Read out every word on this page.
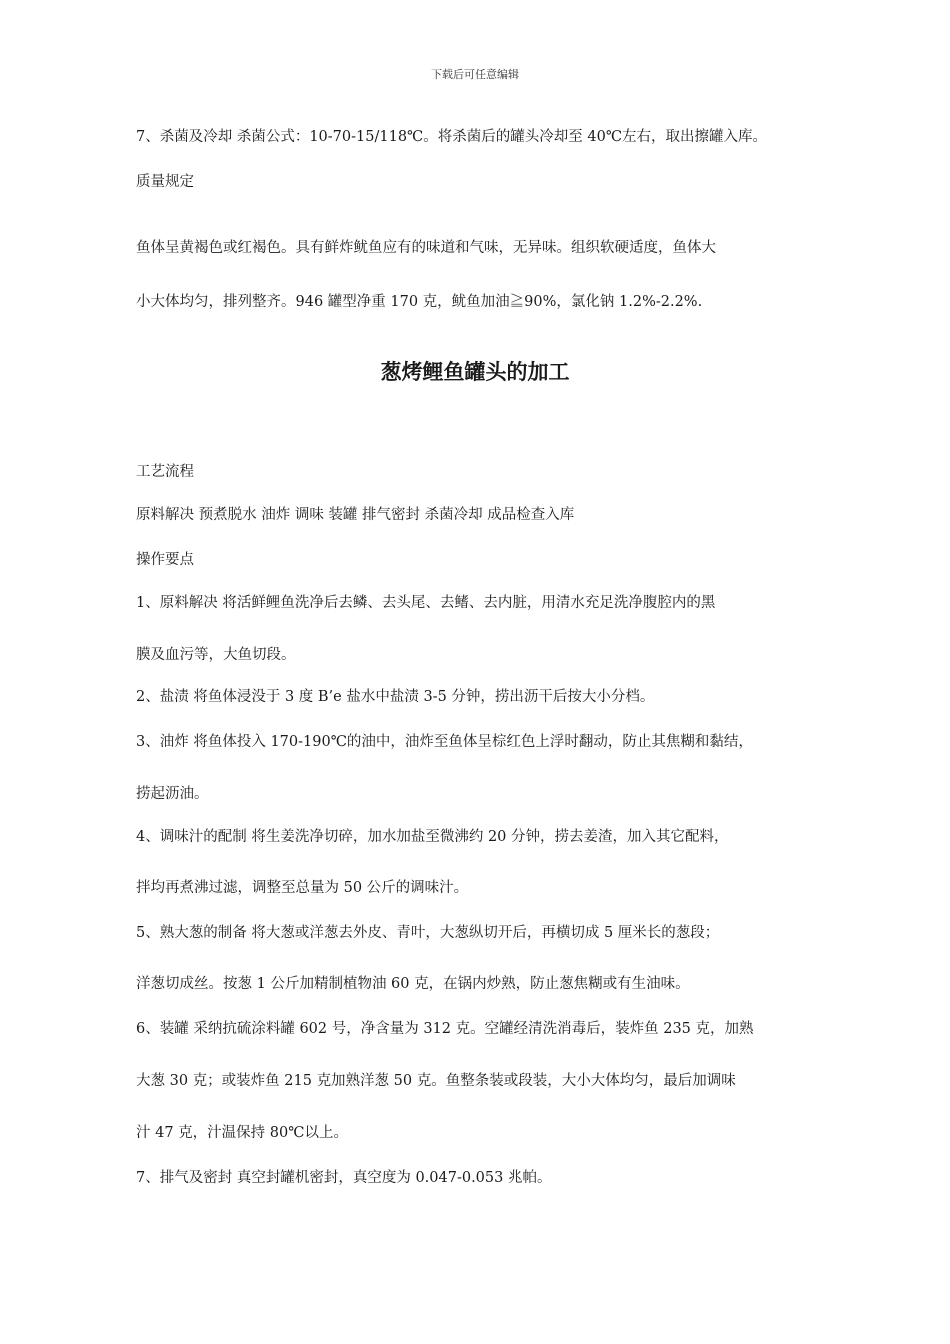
下载后可任意编辑
7、杀菌及冷却 杀菌公式：10-70-15/118℃。将杀菌后的罐头冷却至 40℃左右，取出擦罐入库。
质量规定
鱼体呈黄褐色或红褐色。具有鲜炸鱿鱼应有的味道和气味，无异味。组织软硬适度，鱼体大
小大体均匀，排列整齐。946 罐型净重 170 克，鱿鱼加油≧90%，氯化钠 1.2%-2.2%.
葱烤鲤鱼罐头的加工
工艺流程
原料解决 预煮脱水 油炸 调味 装罐 排气密封 杀菌冷却 成品检查入库
操作要点
1、原料解决 将活鲜鲤鱼洗净后去鳞、去头尾、去鳍、去内脏，用清水充足洗净腹腔内的黑
膜及血污等，大鱼切段。
2、盐渍 将鱼体浸没于 3 度 B’e 盐水中盐渍 3-5 分钟，捞出沥干后按大小分档。
3、油炸 将鱼体投入 170-190℃的油中，油炸至鱼体呈棕红色上浮时翻动，防止其焦糊和黏结，
捞起沥油。
4、调味汁的配制 将生姜洗净切碎，加水加盐至微沸约 20 分钟，捞去姜渣，加入其它配料，
拌均再煮沸过滤，调整至总量为 50 公斤的调味汁。
5、熟大葱的制备 将大葱或洋葱去外皮、青叶，大葱纵切开后，再横切成 5 厘米长的葱段；
洋葱切成丝。按葱 1 公斤加精制植物油 60 克，在锅内炒熟，防止葱焦糊或有生油味。
6、装罐 采纳抗硫涂料罐 602 号，净含量为 312 克。空罐经清洗消毒后，装炸鱼 235 克，加熟
大葱 30 克；或装炸鱼 215 克加熟洋葱 50 克。鱼整条装或段装，大小大体均匀，最后加调味
汁 47 克，汁温保持 80℃以上。
7、排气及密封 真空封罐机密封，真空度为 0.047-0.053 兆帕。
